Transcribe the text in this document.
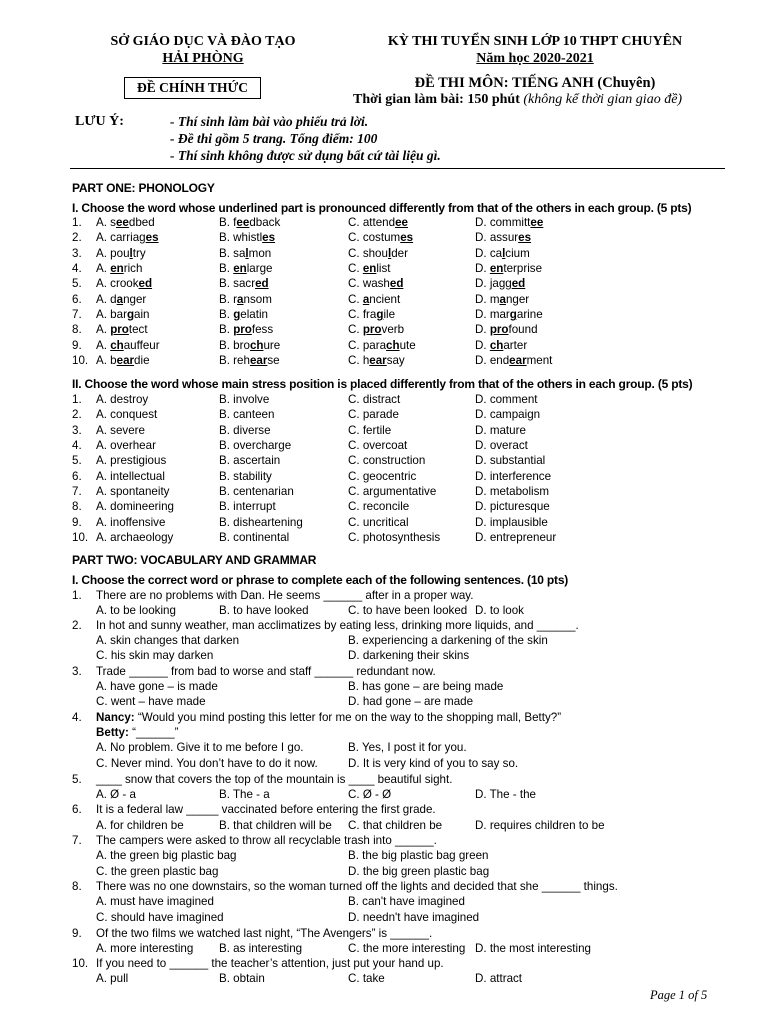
SỞ GIÁO DỤC VÀ ĐÀO TẠO
HẢI PHÒNG
ĐỀ CHÍNH THỨC
KỲ THI TUYỂN SINH LỚP 10 THPT CHUYÊN
Năm học 2020-2021
ĐỀ THI MÔN: TIẾNG ANH (Chuyên)
Thời gian làm bài: 150 phút (không kể thời gian giao đề)
LƯU Ý:	- Thí sinh làm bài vào phiếu trả lời.
- Đề thi gồm 5 trang. Tổng điểm: 100
- Thí sinh không được sử dụng bất cứ tài liệu gì.
PART ONE: PHONOLOGY
I. Choose the word whose underlined part is pronounced differently from that of the others in each group. (5 pts)
1. A. seedbed	B. feedback	C. attendee	D. committee
2. A. carriages	B. whistles	C. costumes	D. assures
3. A. poultry	B. salmon	C. shoulder	D. calcium
4. A. enrich	B. enlarge	C. enlist	D. enterprise
5. A. crooked	B. sacred	C. washed	D. jagged
6. A. danger	B. ransom	C. ancient	D. manger
7. A. bargain	B. gelatin	C. fragile	D. margarine
8. A. protect	B. profess	C. proverb	D. profound
9. A. chauffeur	B. brochure	C. parachute	D. charter
10. A. beardie	B. rehearse	C. hearsay	D. endearment
II. Choose the word whose main stress position is placed differently from that of the others in each group. (5 pts)
1. A. destroy	B. involve	C. distract	D. comment
2. A. conquest	B. canteen	C. parade	D. campaign
3. A. severe	B. diverse	C. fertile	D. mature
4. A. overhear	B. overcharge	C. overcoat	D. overact
5. A. prestigious	B. ascertain	C. construction	D. substantial
6. A. intellectual	B. stability	C. geocentric	D. interference
7. A. spontaneity	B. centenarian	C. argumentative	D. metabolism
8. A. domineering	B. interrupt	C. reconcile	D. picturesque
9. A. inoffensive	B. disheartening	C. uncritical	D. implausible
10. A. archaeology	B. continental	C. photosynthesis	D. entrepreneur
PART TWO: VOCABULARY AND GRAMMAR
I. Choose the correct word or phrase to complete each of the following sentences. (10 pts)
1. There are no problems with Dan. He seems ______ after in a proper way.
A. to be looking	B. to have looked	C. to have been looked D. to look
2. In hot and sunny weather, man acclimatizes by eating less, drinking more liquids, and ______.
A. skin changes that darken	B. experiencing a darkening of the skin
C. his skin may darken	D. darkening their skins
3. Trade ______ from bad to worse and staff ______ redundant now.
A. have gone – is made	B. has gone – are being made
C. went – have made	D. had gone – are made
4. Nancy: “Would you mind posting this letter for me on the way to the shopping mall, Betty?”
Betty: “______”
A. No problem. Give it to me before I go.	B. Yes, I post it for you.
C. Never mind. You don’t have to do it now.	D. It is very kind of you to say so.
5. ____ snow that covers the top of the mountain is ____ beautiful sight.
A. Ø - a	B. The - a	C. Ø - Ø	D. The - the
6. It is a federal law _____ vaccinated before entering the first grade.
A. for children be	B. that children will be C. that children be	D. requires children to be
7. The campers were asked to throw all recyclable trash into ______.
A. the green big plastic bag	B. the big plastic bag green
C. the green plastic bag	D. the big green plastic bag
8. There was no one downstairs, so the woman turned off the lights and decided that she ______ things.
A. must have imagined	B. can't have imagined
C. should have imagined	D. needn't have imagined
9. Of the two films we watched last night, “The Avengers” is ______.
A. more interesting B. as interesting	C. the more interesting D. the most interesting
10. If you need to ______ the teacher’s attention, just put your hand up.
A. pull	B. obtain	C. take	D. attract
Page 1 of 5
